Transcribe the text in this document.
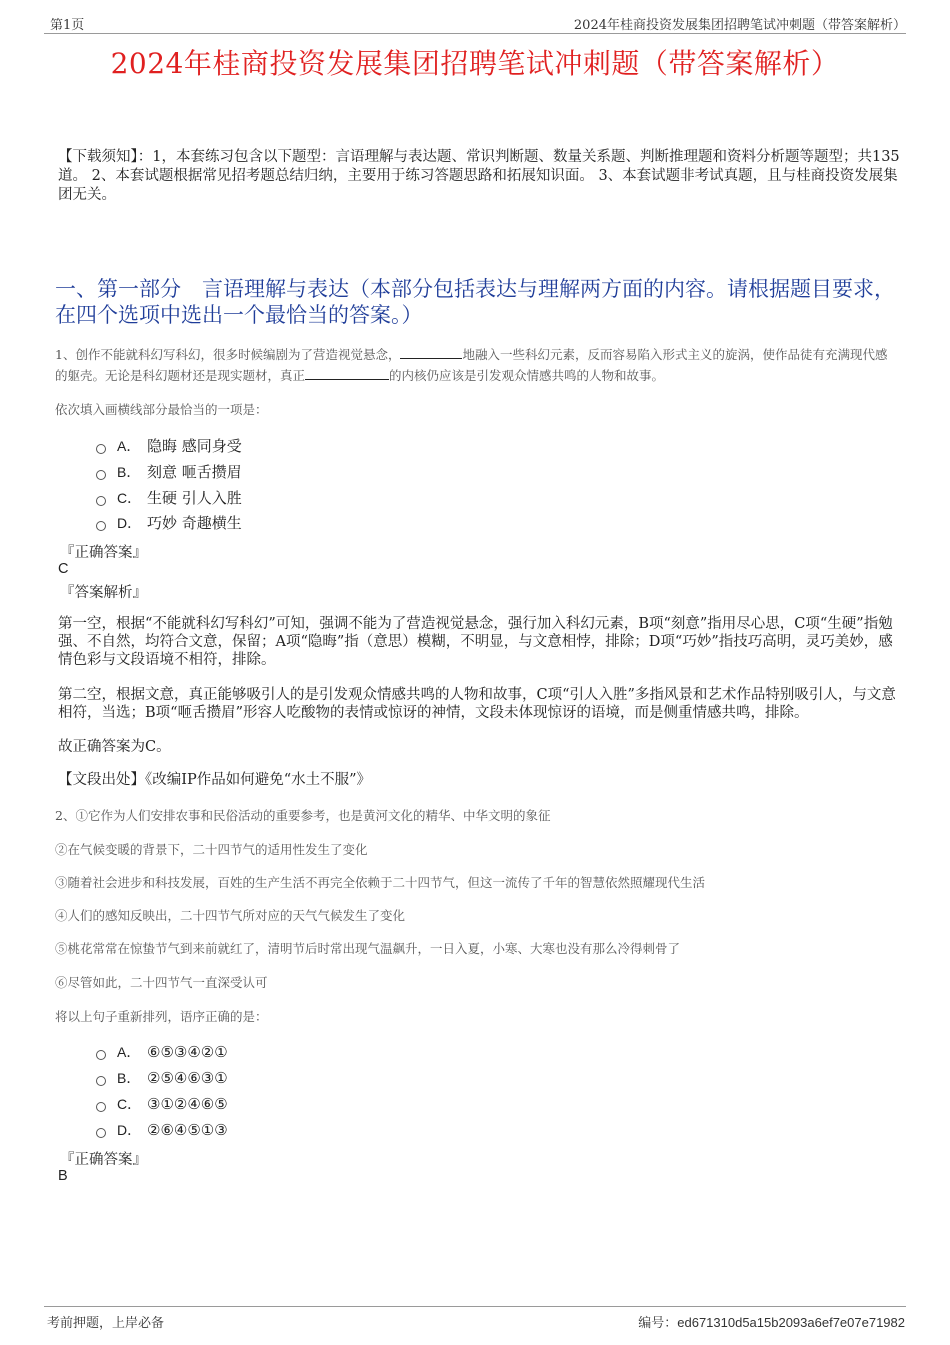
第1页	2024年桂商投资发展集团招聘笔试冲刺题（带答案解析）
2024年桂商投资发展集团招聘笔试冲刺题（带答案解析）
【下载须知】：1，本套练习包含以下题型：言语理解与表达题、常识判断题、数量关系题、判断推理题和资料分析题等题型；共135道。 2、本套试题根据常见招考题总结归纳，主要用于练习答题思路和拓展知识面。 3、本套试题非考试真题，且与桂商投资发展集团无关。
一、第一部分　言语理解与表达（本部分包括表达与理解两方面的内容。请根据题目要求，在四个选项中选出一个最恰当的答案。）
1、创作不能就科幻写科幻，很多时候编剧为了营造视觉悬念，	地融入一些科幻元素，反而容易陷入形式主义的旋涡，使作品徒有充满现代感的躯壳。无论是科幻题材还是现实题材，真正	的内核仍应该是引发观众情感共鸣的人物和故事。
依次填入画横线部分最恰当的一项是：
A． 隐晦 感同身受
B． 刻意 咂舌攒眉
C． 生硬 引人入胜
D． 巧妙 奇趣横生
『正确答案』
C
『答案解析』
第一空，根据“不能就科幻写科幻”可知，强调不能为了营造视觉悬念，强行加入科幻元素，B项“刻意”指用尽心思，C项“生硬”指勉强、不自然，均符合文意，保留；A项“隐晦”指（意思）模糊，不明显，与文意相悖，排除；D项“巧妙”指技巧高明，灵巧美妙，感情色彩与文段语境不相符，排除。
第二空，根据文意，真正能够吸引人的是引发观众情感共鸣的人物和故事，C项“引人入胜”多指风景和艺术作品特别吸引人，与文意相符，当选；B项“咂舌攒眉”形容人吃酸物的表情或惊讶的神情，文段未体现惊讶的语境，而是侧重情感共鸣，排除。
故正确答案为C。
【文段出处】《改编IP作品如何避免“水土不服”》
2、①它作为人们安排农事和民俗活动的重要参考，也是黄河文化的精华、中华文明的象征
②在气候变暖的背景下，二十四节气的适用性发生了变化
③随着社会进步和科技发展，百姓的生产生活不再完全依赖于二十四节气，但这一流传了千年的智慧依然照耀现代生活
④人们的感知反映出，二十四节气所对应的天气气候发生了变化
⑤桃花常常在惊蛰节气到来前就红了，清明节后时常出现气温飙升，一日入夏，小寒、大寒也没有那么冷得刺骨了
⑥尽管如此，二十四节气一直深受认可
将以上句子重新排列，语序正确的是：
A． ⑥⑤③④②①
B． ②⑤④⑥③①
C． ③①②④⑥⑤
D． ②⑥④⑤①③
『正确答案』
B
考前押题，上岸必备	编号：ed671310d5a15b2093a6ef7e07e71982
